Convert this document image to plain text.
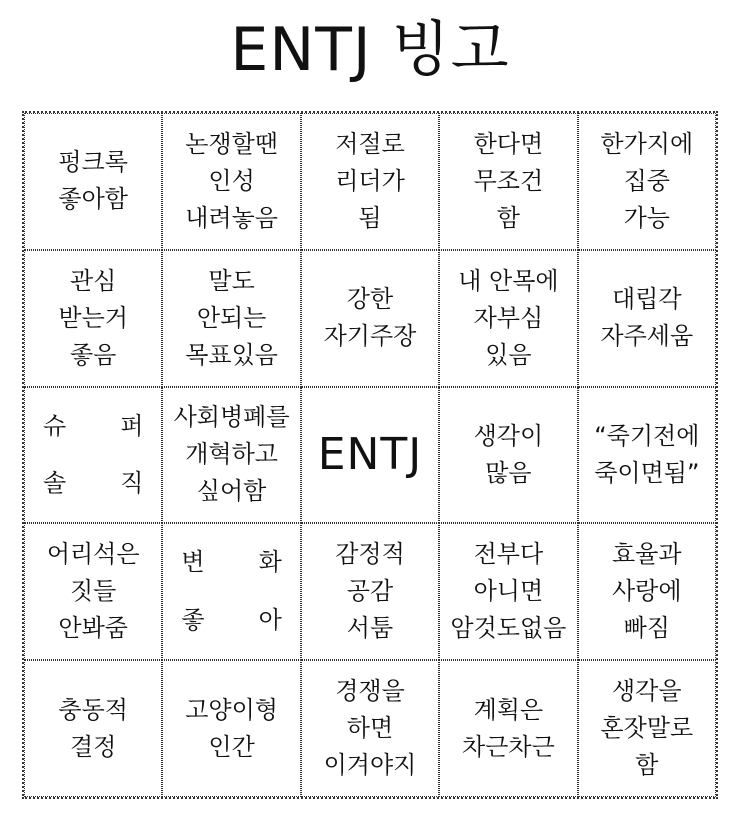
ENTJ 빙고
펑크록
좋아함
논쟁할땐
인성
내려놓음
저절로
리더가
됨
한다면
무조건
함
한가지에
집중
가능
관심
받는거
좋음
말도
안되는
목표있음
강한
자기주장
내 안목에
자부심
있음
대립각
자주세움
슈 퍼
솔 직
사회병폐를
개혁하고
싶어함
ENTJ 생각이
많음
“죽기전에
죽이면됨”
어리석은
짓들
안봐줌
변 화
좋 아
감정적
공감
서툼
전부다
아니면
암것도없음
효율과
사랑에
빠짐
충동적
결정
고양이형
인간
경쟁을
하면
이겨야지
계획은
차근차근
생각을
혼잣말로
함
